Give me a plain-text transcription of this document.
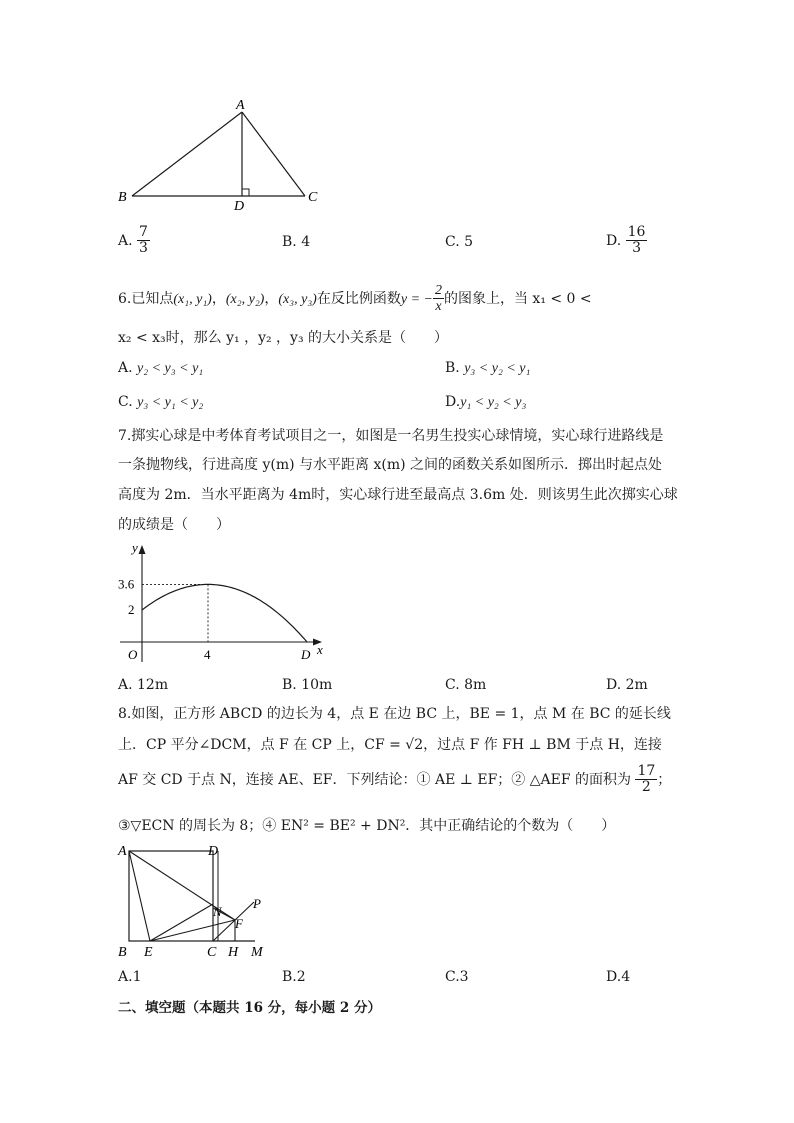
A
B	C
D
A. $\frac{7}{3}$	B. 4	C. 5	D. $\frac{16}{3}$
6.已知点(x₁, y₁)，(x₂, y₂)，(x₃, y₃)在反比例函数y = − $\frac{2}{x}$ 的图象上，当 x₁ < 0 <
x₂ < x₃时，那么 y₁ ，y₂ ，y₃ 的大小关系是（　　）
A. y₂ < y₃ < y₁	B. y₃ < y₂ < y₁
C. y₃ < y₁ < y₂	D.y₁ < y₂ < y₃
7.掷实心球是中考体育考试项目之一，如图是一名男生投实心球情境，实心球行进路线是
一条抛物线，行进高度 y(m) 与水平距离 x(m) 之间的函数关系如图所示．掷出时起点处
高度为 2m．当水平距离为 4m时，实心球行进至最高点 3.6m 处．则该男生此次掷实心球
的成绩是（　　）
y
x
O
3.6
2
4	D
A. 12m	B. 10m	C. 8m	D. 2m
8.如图，正方形 ABCD 的边长为 4，点 E 在边 BC 上，BE = 1，点 M 在 BC 的延长线
上．CP 平分∠DCM，点 F 在 CP 上，CF = √2，过点 F 作 FH ⊥ BM 于点 H，连接
AF 交 CD 于点 N，连接 AE、EF．下列结论：① AE ⊥ EF；② △AEF 的面积为 $\frac{17}{2}$ ；
③▽ECN 的周长为 8；④ EN² = BE² + DN²．其中正确结论的个数为（　　）
A	D
B E	C H M
N
F
P
A.1	B.2	C.3	D.4
二、填空题（本题共 16 分，每小题 2 分）
